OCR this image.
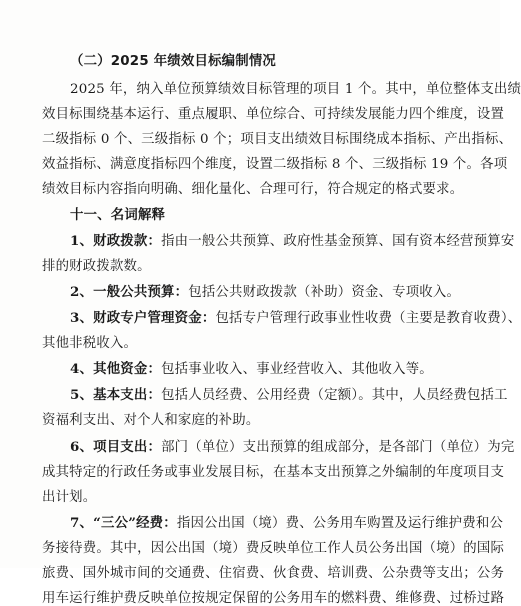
（二）2025 年绩效目标编制情况
2025 年，纳入单位预算绩效目标管理的项目 1 个。其中，单位整体支出绩
效目标围绕基本运行、重点履职、单位综合、可持续发展能力四个维度，设置
二级指标 0 个、三级指标 0 个；项目支出绩效目标围绕成本指标、产出指标、
效益指标、满意度指标四个维度，设置二级指标 8 个、三级指标 19 个。各项
绩效目标内容指向明确、细化量化、合理可行，符合规定的格式要求。
十一、名词解释
1、财政拨款：指由一般公共预算、政府性基金预算、国有资本经营预算安
排的财政拨款数。
2、一般公共预算：包括公共财政拨款（补助）资金、专项收入。
3、财政专户管理资金：包括专户管理行政事业性收费（主要是教育收费）、
其他非税收入。
4、其他资金：包括事业收入、事业经营收入、其他收入等。
5、基本支出：包括人员经费、公用经费（定额）。其中，人员经费包括工
资福利支出、对个人和家庭的补助。
6、项目支出：部门（单位）支出预算的组成部分，是各部门（单位）为完
成其特定的行政任务或事业发展目标，在基本支出预算之外编制的年度项目支
出计划。
7、“三公”经费：指因公出国（境）费、公务用车购置及运行维护费和公
务接待费。其中，因公出国（境）费反映单位工作人员公务出国（境）的国际
旅费、国外城市间的交通费、住宿费、伙食费、培训费、公杂费等支出；公务
用车运行维护费反映单位按规定保留的公务用车的燃料费、维修费、过桥过路
